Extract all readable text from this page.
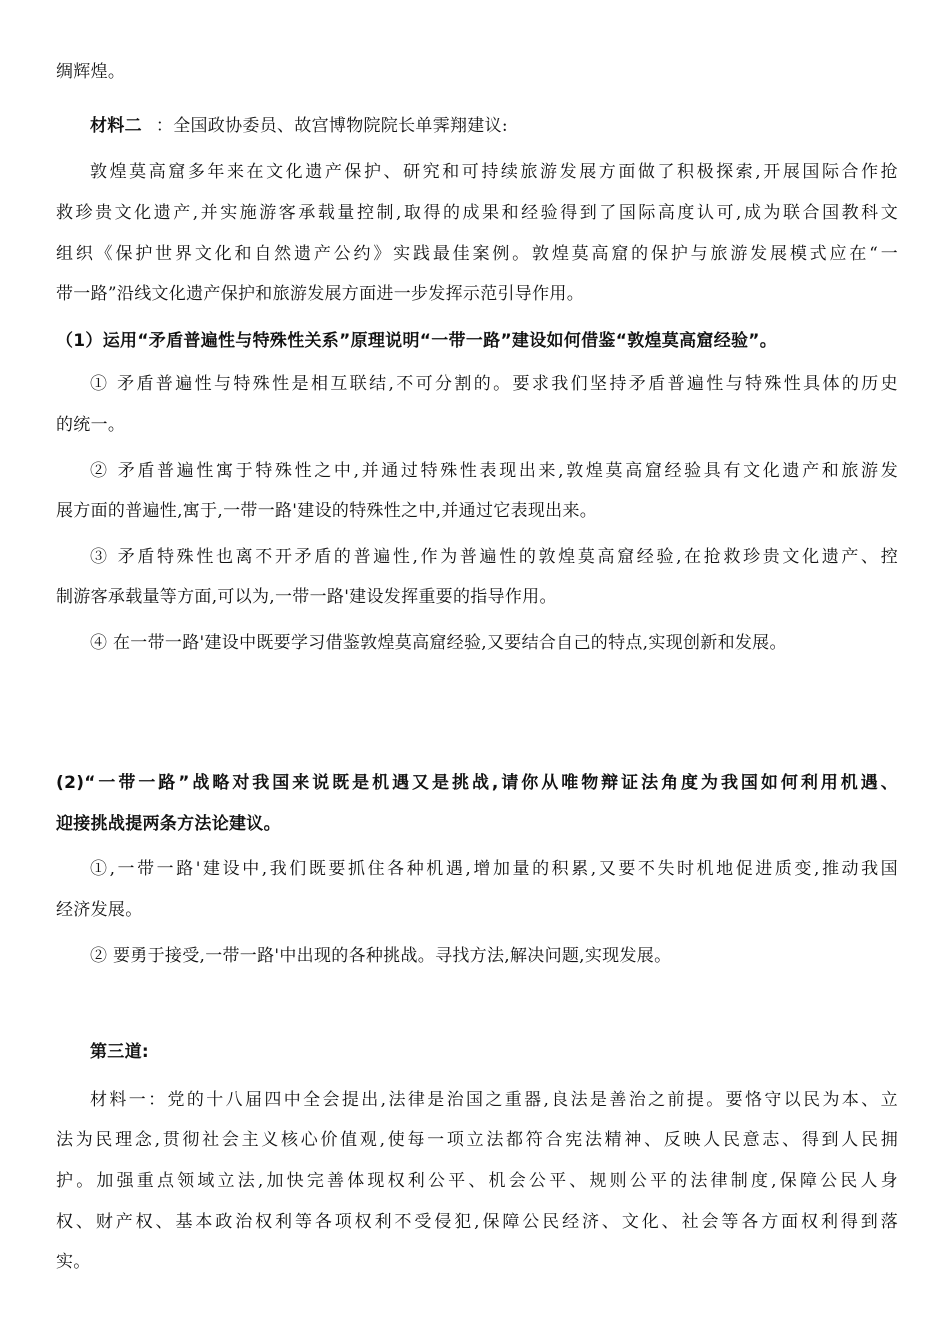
绸辉煌。
材料二 ：全国政协委员、故宫博物院院长单霁翔建议:
敦煌莫高窟多年来在文化遗产保护、研究和可持续旅游发展方面做了积极探索,开展国际合作抢
救珍贵文化遗产,并实施游客承载量控制,取得的成果和经验得到了国际高度认可,成为联合国教科文
组织《保护世界文化和自然遗产公约》实践最佳案例。敦煌莫高窟的保护与旅游发展模式应在“一
带一路”沿线文化遗产保护和旅游发展方面进一步发挥示范引导作用。
（1）运用“矛盾普遍性与特殊性关系”原理说明“一带一路”建设如何借鉴“敦煌莫高窟经验”。
① 矛盾普遍性与特殊性是相互联结,不可分割的。要求我们坚持矛盾普遍性与特殊性具体的历史
的统一。
② 矛盾普遍性寓于特殊性之中,并通过特殊性表现出来,敦煌莫高窟经验具有文化遗产和旅游发
展方面的普遍性,寓于,一带一路'建设的特殊性之中,并通过它表现出来。
③ 矛盾特殊性也离不开矛盾的普遍性,作为普遍性的敦煌莫高窟经验,在抢救珍贵文化遗产、控
制游客承载量等方面,可以为,一带一路'建设发挥重要的指导作用。
④ 在一带一路'建设中既要学习借鉴敦煌莫高窟经验,又要结合自己的特点,实现创新和发展。
(2)“一带一路”战略对我国来说既是机遇又是挑战,请你从唯物辩证法角度为我国如何利用机遇、
迎接挑战提两条方法论建议。
①,一带一路'建设中,我们既要抓住各种机遇,增加量的积累,又要不失时机地促进质变,推动我国
经济发展。
② 要勇于接受,一带一路'中出现的各种挑战。寻找方法,解决问题,实现发展。
第三道:
材料一：党的十八届四中全会提出,法律是治国之重器,良法是善治之前提。要恪守以民为本、立
法为民理念,贯彻社会主义核心价值观,使每一项立法都符合宪法精神、反映人民意志、得到人民拥
护。加强重点领域立法,加快完善体现权利公平、机会公平、规则公平的法律制度,保障公民人身
权、财产权、基本政治权利等各项权利不受侵犯,保障公民经济、文化、社会等各方面权利得到落
实。
